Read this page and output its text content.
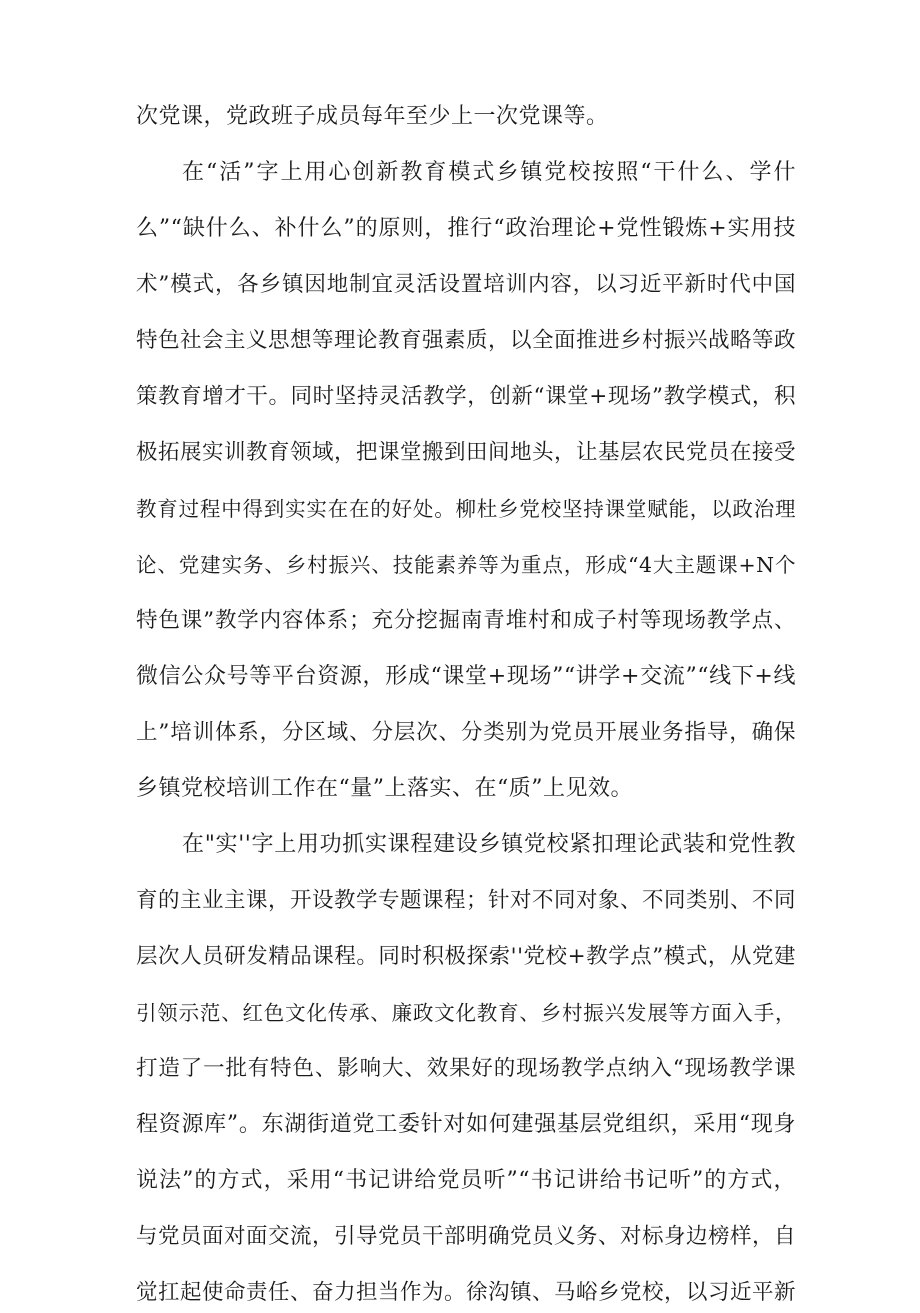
次党课，党政班子成员每年至少上一次党课等。
在“活”字上用心创新教育模式乡镇党校按照“干什么、学什
么”“缺什么、补什么”的原则，推行“政治理论+党性锻炼+实用技
术”模式，各乡镇因地制宜灵活设置培训内容，以习近平新时代中国
特色社会主义思想等理论教育强素质，以全面推进乡村振兴战略等政
策教育增才干。同时坚持灵活教学，创新“课堂+现场”教学模式，积
极拓展实训教育领域，把课堂搬到田间地头，让基层农民党员在接受
教育过程中得到实实在在的好处。柳杜乡党校坚持课堂赋能，以政治理
论、党建实务、乡村振兴、技能素养等为重点，形成“4大主题课+N个
特色课”教学内容体系；充分挖掘南青堆村和成子村等现场教学点、
微信公众号等平台资源，形成“课堂+现场”“讲学+交流”“线下+线
上”培训体系，分区域、分层次、分类别为党员开展业务指导，确保
乡镇党校培训工作在“量”上落实、在“质”上见效。
在"实''字上用功抓实课程建设乡镇党校紧扣理论武装和党性教
育的主业主课，开设教学专题课程；针对不同对象、不同类别、不同
层次人员研发精品课程。同时积极探索''党校+教学点”模式，从党建
引领示范、红色文化传承、廉政文化教育、乡村振兴发展等方面入手，
打造了一批有特色、影响大、效果好的现场教学点纳入“现场教学课
程资源库”。东湖街道党工委针对如何建强基层党组织，采用“现身
说法”的方式，采用“书记讲给党员听”“书记讲给书记听”的方式，
与党员面对面交流，引导党员干部明确党员义务、对标身边榜样，自
觉扛起使命责任、奋力担当作为。徐沟镇、马峪乡党校，以习近平新
